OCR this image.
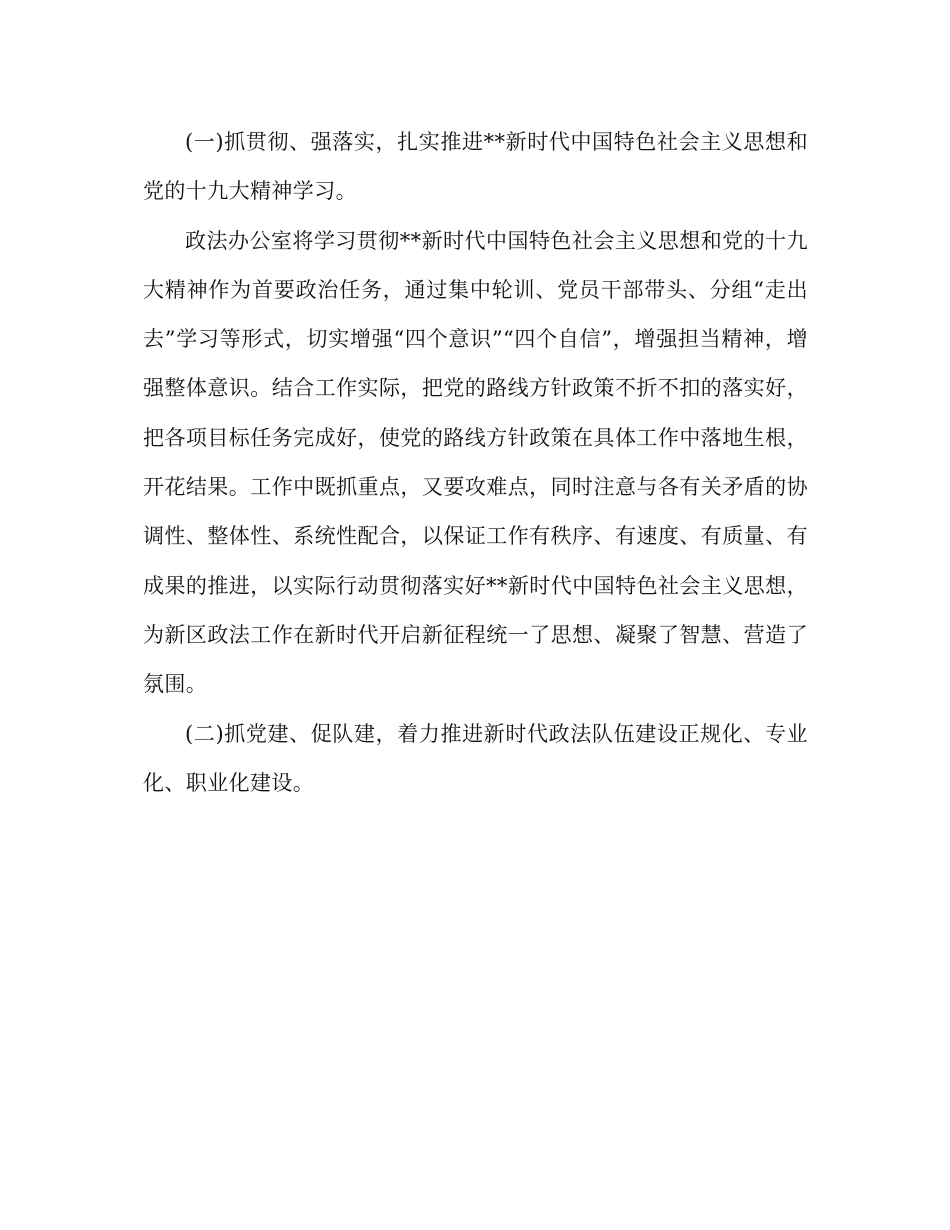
(一)抓贯彻、强落实，扎实推进**新时代中国特色社会主义思想和党的十九大精神学习。

政法办公室将学习贯彻**新时代中国特色社会主义思想和党的十九大精神作为首要政治任务，通过集中轮训、党员干部带头、分组“走出去”学习等形式，切实增强“四个意识”“四个自信”，增强担当精神，增强整体意识。结合工作实际，把党的路线方针政策不折不扣的落实好，把各项目标任务完成好，使党的路线方针政策在具体工作中落地生根，开花结果。工作中既抓重点，又要攻难点，同时注意与各有关矛盾的协调性、整体性、系统性配合，以保证工作有秩序、有速度、有质量、有成果的推进，以实际行动贯彻落实好**新时代中国特色社会主义思想，为新区政法工作在新时代开启新征程统一了思想、凝聚了智慧、营造了氛围。

(二)抓党建、促队建，着力推进新时代政法队伍建设正规化、专业化、职业化建设。
